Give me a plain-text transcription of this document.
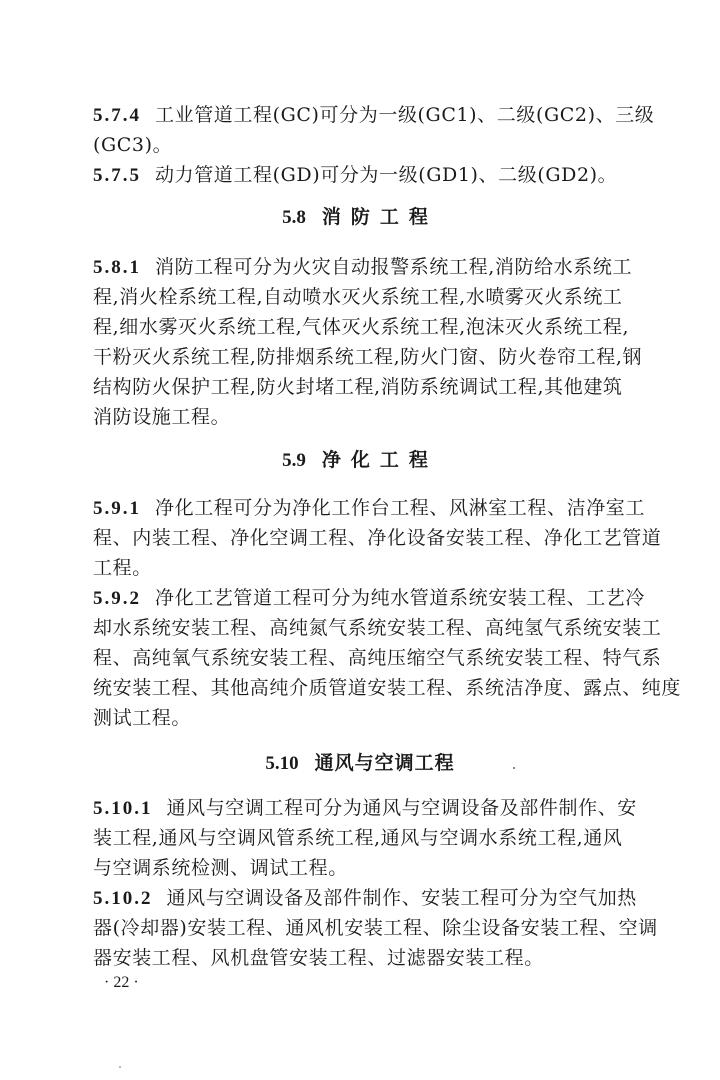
5.7.4 工业管道工程(GC)可分为一级(GC1)、二级(GC2)、三级
(GC3)。
5.7.5 动力管道工程(GD)可分为一级(GD1)、二级(GD2)。
5.8 消防工程
5.8.1 消防工程可分为火灾自动报警系统工程,消防给水系统工
程,消火栓系统工程,自动喷水灭火系统工程,水喷雾灭火系统工
程,细水雾灭火系统工程,气体灭火系统工程,泡沫灭火系统工程,
干粉灭火系统工程,防排烟系统工程,防火门窗、防火卷帘工程,钢
结构防火保护工程,防火封堵工程,消防系统调试工程,其他建筑
消防设施工程。
5.9 净化工程
5.9.1 净化工程可分为净化工作台工程、风淋室工程、洁净室工
程、内装工程、净化空调工程、净化设备安装工程、净化工艺管道
工程。
5.9.2 净化工艺管道工程可分为纯水管道系统安装工程、工艺冷
却水系统安装工程、高纯氮气系统安装工程、高纯氢气系统安装工
程、高纯氧气系统安装工程、高纯压缩空气系统安装工程、特气系
统安装工程、其他高纯介质管道安装工程、系统洁净度、露点、纯度
测试工程。
5.10 通风与空调工程
5.10.1 通风与空调工程可分为通风与空调设备及部件制作、安
装工程,通风与空调风管系统工程,通风与空调水系统工程,通风
与空调系统检测、调试工程。
5.10.2 通风与空调设备及部件制作、安装工程可分为空气加热
器(冷却器)安装工程、通风机安装工程、除尘设备安装工程、空调
器安装工程、风机盘管安装工程、过滤器安装工程。
· 22 ·
